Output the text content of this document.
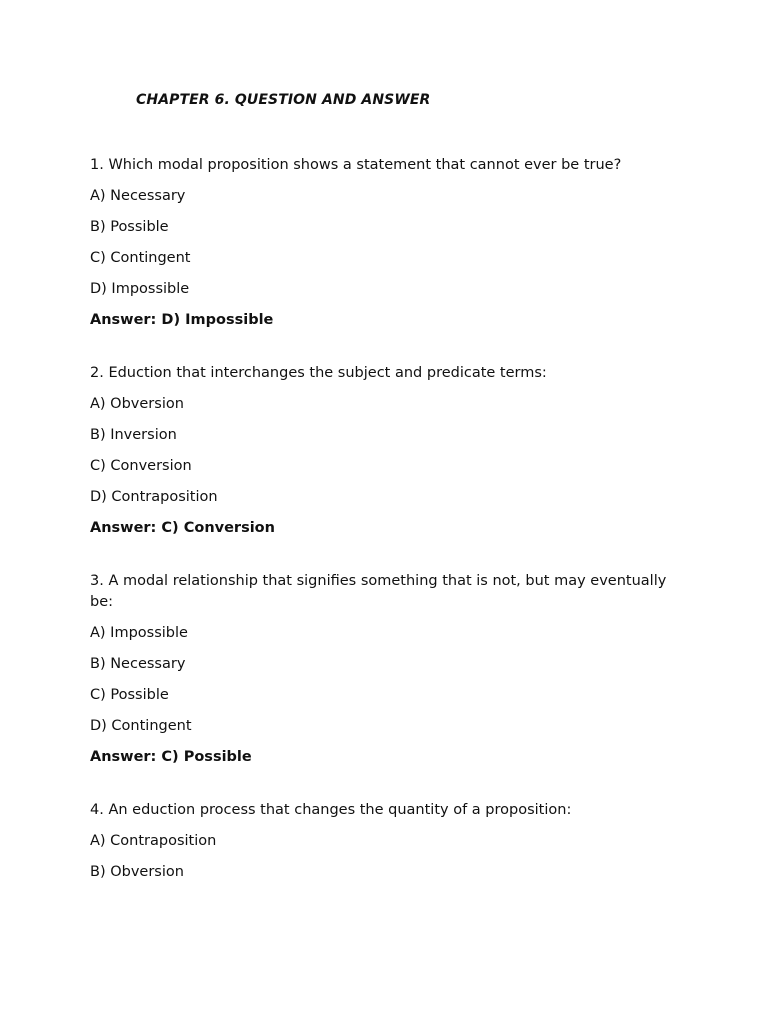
CHAPTER 6. QUESTION AND ANSWER

1. Which modal proposition shows a statement that cannot ever be true?

A) Necessary

B) Possible

C) Contingent

D) Impossible

Answer: D) Impossible

2. Eduction that interchanges the subject and predicate terms:

A) Obversion

B) Inversion

C) Conversion

D) Contraposition

Answer: C) Conversion

3. A modal relationship that signifies something that is not, but may eventually be:

A) Impossible

B) Necessary

C) Possible

D) Contingent

Answer: C) Possible

4. An eduction process that changes the quantity of a proposition:

A) Contraposition

B) Obversion
